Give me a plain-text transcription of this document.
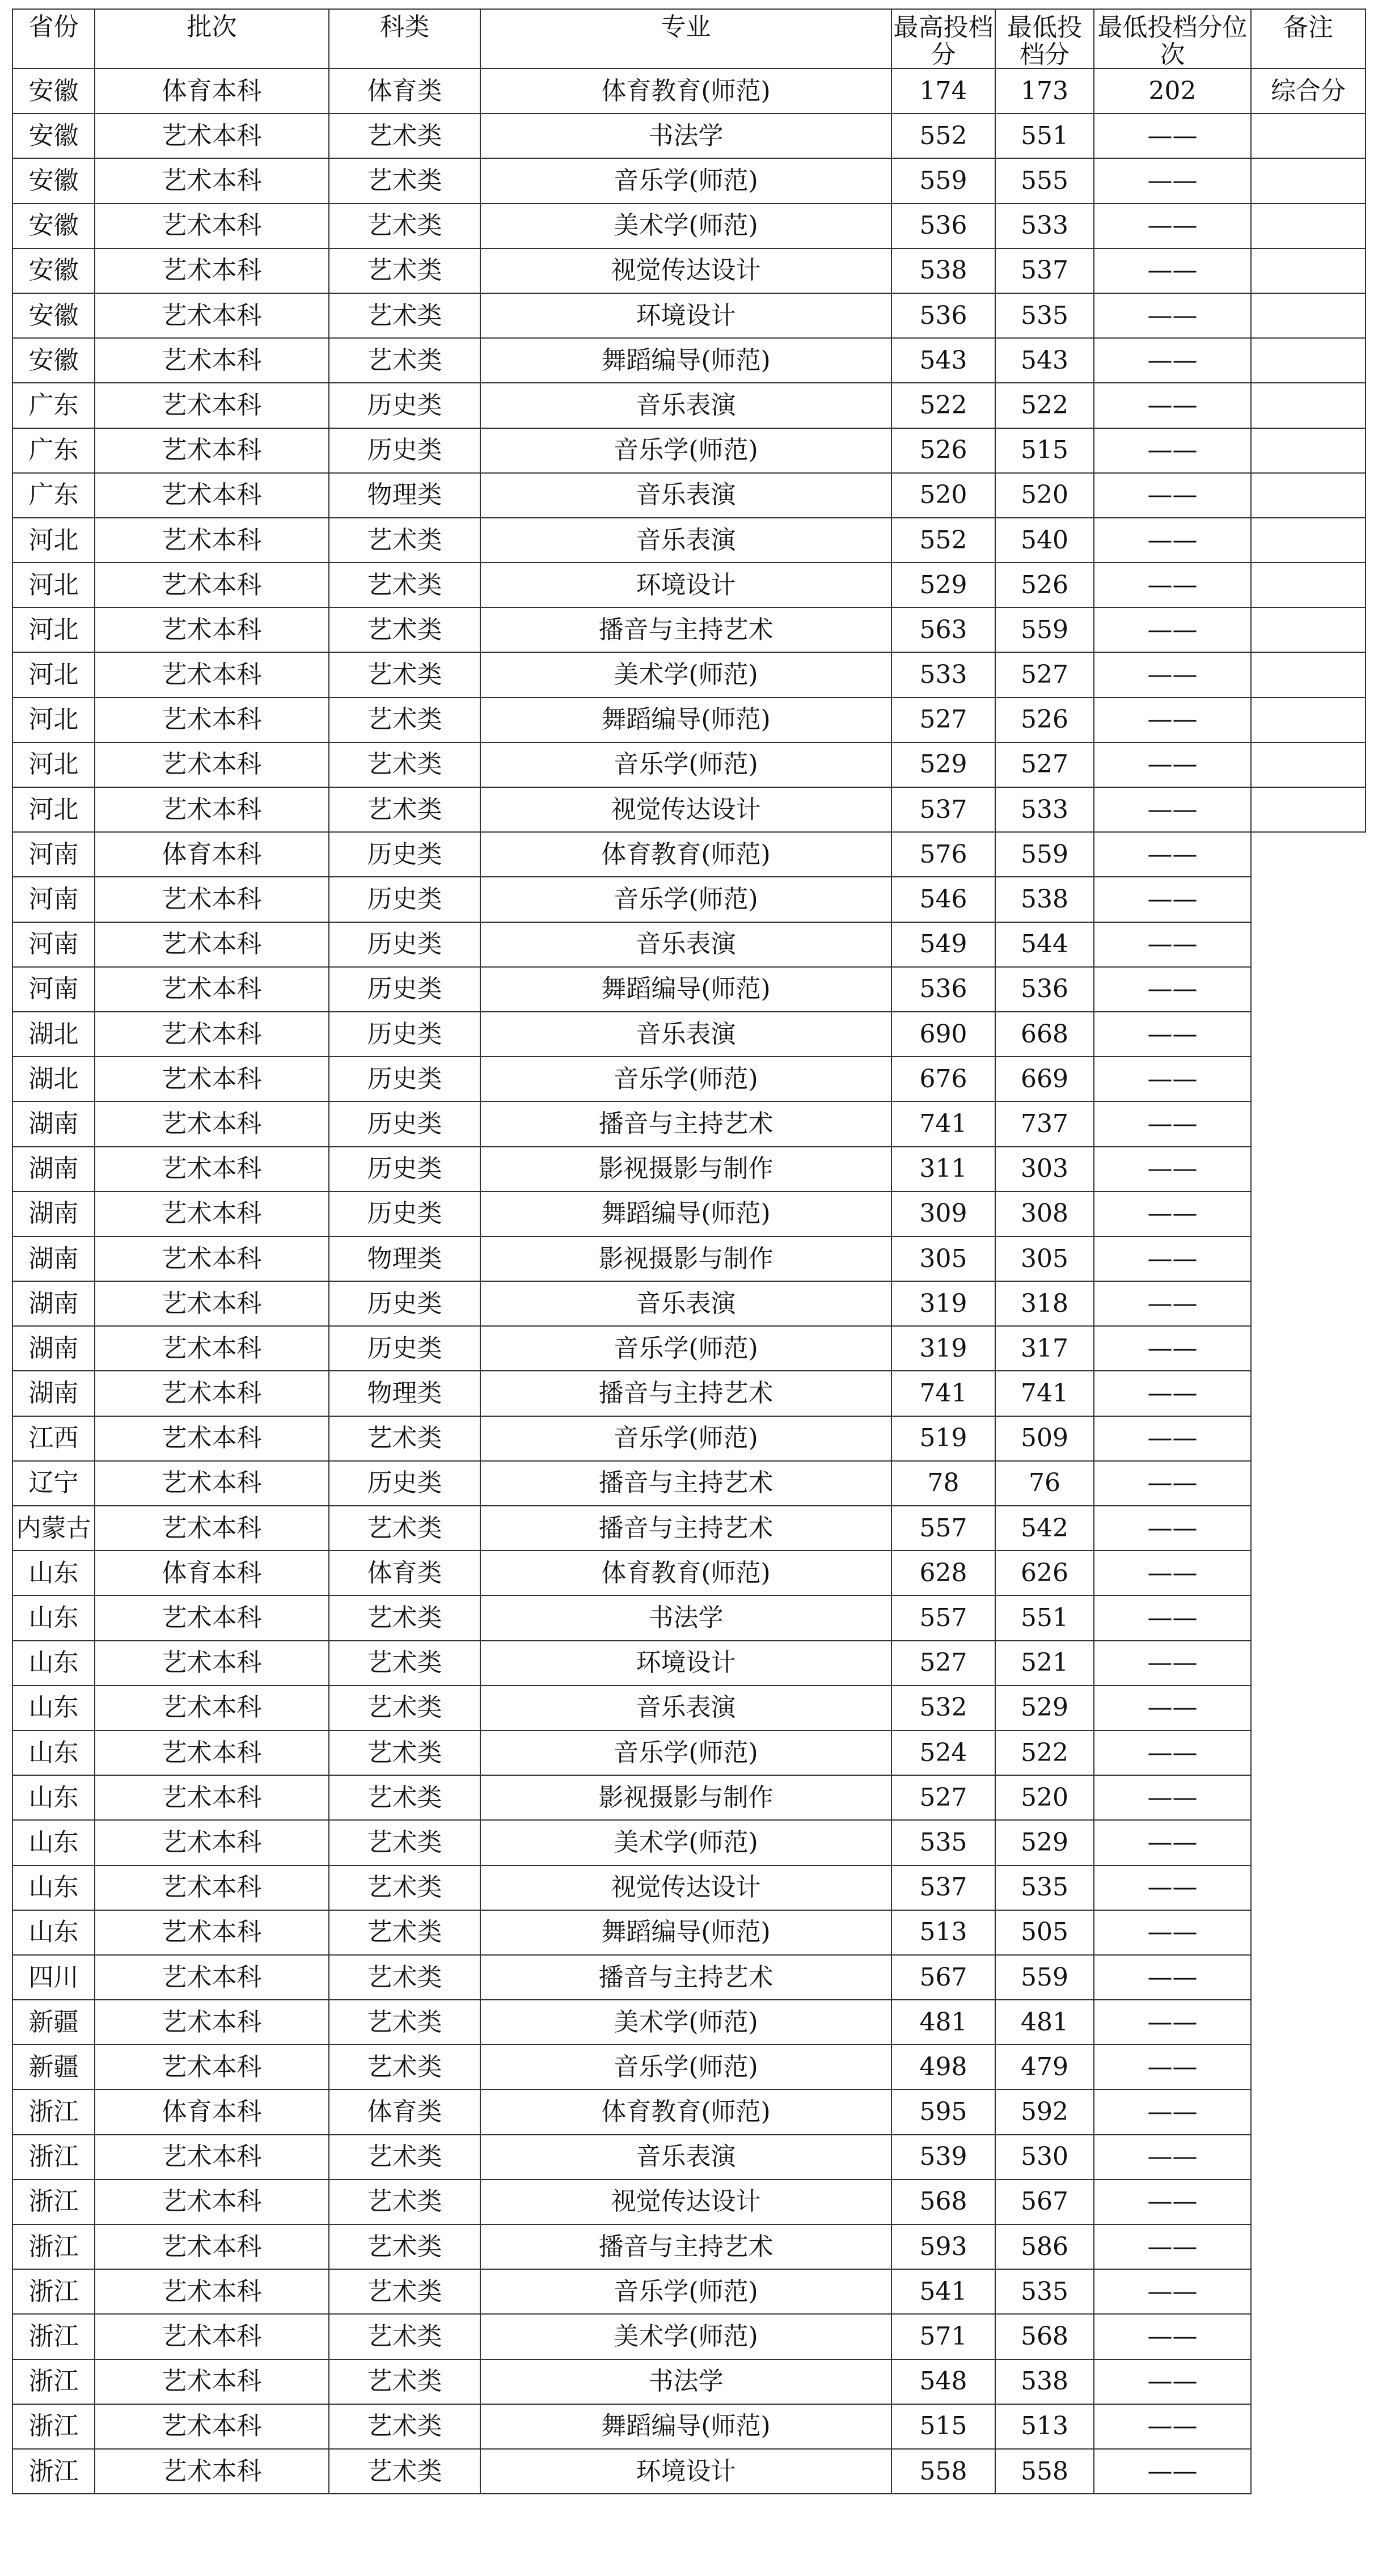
省份	批次	科类	专业	最高投档分	最低投档分	最低投档分位次	备注
安徽	体育本科	体育类	体育教育(师范)	174	173	202	综合分
安徽	艺术本科	艺术类	书法学	552	551	——	
安徽	艺术本科	艺术类	音乐学(师范)	559	555	——	
安徽	艺术本科	艺术类	美术学(师范)	536	533	——	
安徽	艺术本科	艺术类	视觉传达设计	538	537	——	
安徽	艺术本科	艺术类	环境设计	536	535	——	
安徽	艺术本科	艺术类	舞蹈编导(师范)	543	543	——	
广东	艺术本科	历史类	音乐表演	522	522	——	
广东	艺术本科	历史类	音乐学(师范)	526	515	——	
广东	艺术本科	物理类	音乐表演	520	520	——	
河北	艺术本科	艺术类	音乐表演	552	540	——	
河北	艺术本科	艺术类	环境设计	529	526	——	
河北	艺术本科	艺术类	播音与主持艺术	563	559	——	
河北	艺术本科	艺术类	美术学(师范)	533	527	——	
河北	艺术本科	艺术类	舞蹈编导(师范)	527	526	——	
河北	艺术本科	艺术类	音乐学(师范)	529	527	——	
河北	艺术本科	艺术类	视觉传达设计	537	533	——	
河南	体育本科	历史类	体育教育(师范)	576	559	——	
河南	艺术本科	历史类	音乐学(师范)	546	538	——	
河南	艺术本科	历史类	音乐表演	549	544	——	
河南	艺术本科	历史类	舞蹈编导(师范)	536	536	——	
湖北	艺术本科	历史类	音乐表演	690	668	——	
湖北	艺术本科	历史类	音乐学(师范)	676	669	——	
湖南	艺术本科	历史类	播音与主持艺术	741	737	——	
湖南	艺术本科	历史类	影视摄影与制作	311	303	——	
湖南	艺术本科	历史类	舞蹈编导(师范)	309	308	——	
湖南	艺术本科	物理类	影视摄影与制作	305	305	——	
湖南	艺术本科	历史类	音乐表演	319	318	——	
湖南	艺术本科	历史类	音乐学(师范)	319	317	——	
湖南	艺术本科	物理类	播音与主持艺术	741	741	——	
江西	艺术本科	艺术类	音乐学(师范)	519	509	——	
辽宁	艺术本科	历史类	播音与主持艺术	78	76	——	
内蒙古	艺术本科	艺术类	播音与主持艺术	557	542	——	
山东	体育本科	体育类	体育教育(师范)	628	626	——	
山东	艺术本科	艺术类	书法学	557	551	——	
山东	艺术本科	艺术类	环境设计	527	521	——	
山东	艺术本科	艺术类	音乐表演	532	529	——	
山东	艺术本科	艺术类	音乐学(师范)	524	522	——	
山东	艺术本科	艺术类	影视摄影与制作	527	520	——	
山东	艺术本科	艺术类	美术学(师范)	535	529	——	
山东	艺术本科	艺术类	视觉传达设计	537	535	——	
山东	艺术本科	艺术类	舞蹈编导(师范)	513	505	——	
四川	艺术本科	艺术类	播音与主持艺术	567	559	——	
新疆	艺术本科	艺术类	美术学(师范)	481	481	——	
新疆	艺术本科	艺术类	音乐学(师范)	498	479	——	
浙江	体育本科	体育类	体育教育(师范)	595	592	——	
浙江	艺术本科	艺术类	音乐表演	539	530	——	
浙江	艺术本科	艺术类	视觉传达设计	568	567	——	
浙江	艺术本科	艺术类	播音与主持艺术	593	586	——	
浙江	艺术本科	艺术类	音乐学(师范)	541	535	——	
浙江	艺术本科	艺术类	美术学(师范)	571	568	——	
浙江	艺术本科	艺术类	书法学	548	538	——	
浙江	艺术本科	艺术类	舞蹈编导(师范)	515	513	——	
浙江	艺术本科	艺术类	环境设计	558	558	——	
